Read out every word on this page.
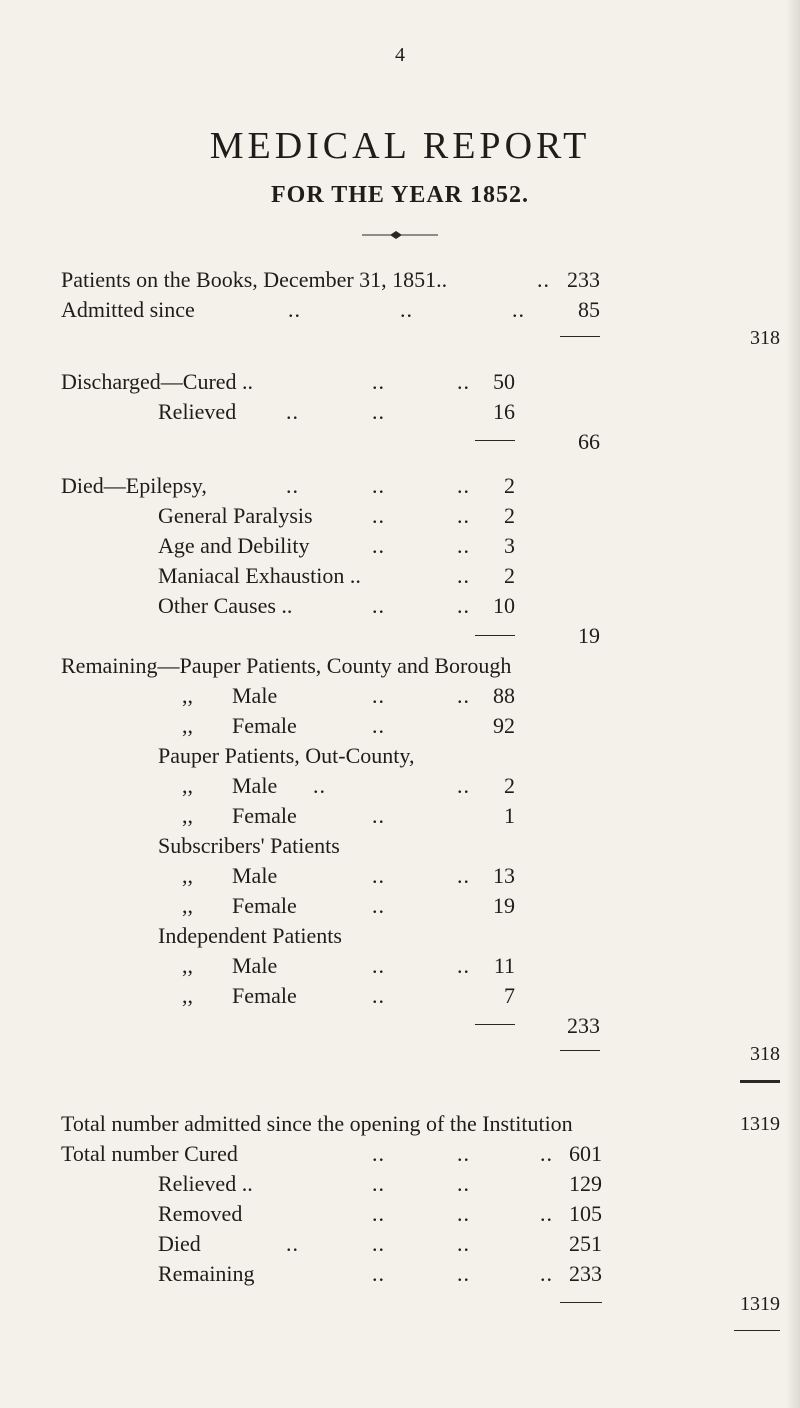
4
MEDICAL REPORT
FOR THE YEAR 1852.
Patients on the Books, December 31, 1851..	.. 233
Admitted since	..	..	..	85
318
Discharged—Cured ..	..	..	50
Relieved ..	..	16
66
Died—Epilepsy,	..	..	..	2
General Paralysis	..	..	2
Age and Debility	..	..	3
Maniacal Exhaustion ..	..	2
Other Causes ..	..	..	10
19
Remaining—Pauper Patients, County and Borough
,, Male	..	..	88
,, Female	..	92
Pauper Patients, Out-County,
,, Male ..	..	2
,, Female	..	1
Subscribers' Patients
,, Male	..	..	13
,, Female	..	19
Independent Patients
,, Male	..	..	11
,, Female	..	7
233
318
Total number admitted since the opening of the Institution	1319
Total number Cured	..	..	.. 601
Relieved ..	..	..	129
Removed	..	..	.. 105
Died	..	..	..	251
Remaining	..	..	.. 233
1319
